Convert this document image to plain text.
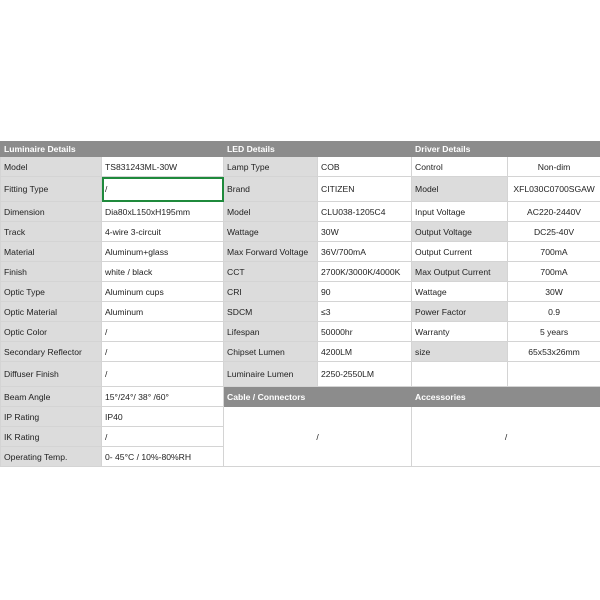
Luminaire Details		LED Details		Driver Details	
Model	TS831243ML-30W	Lamp Type	COB	Control	Non-dim
Fitting Type	/	Brand	CITIZEN	Model	XFL030C0700SGAW
Dimension	Dia80xL150xH195mm	Model	CLU038-1205C4	Input Voltage	AC220-2440V
Track	4-wire 3-circuit	Wattage	30W	Output Voltage	DC25-40V
Material	Aluminum+glass	Max Forward Voltage	36V/700mA	Output Current	700mA
Finish	white / black	CCT	2700K/3000K/4000K	Max Output Current	700mA
Optic Type	Aluminum cups	CRI	90	Wattage	30W
Optic Material	Aluminum	SDCM	≤3	Power Factor	0.9
Optic Color	/	Lifespan	50000hr	Warranty	5 years
Secondary Reflector	/	Chipset Lumen	4200LM	size	65x53x26mm
Diffuser Finish	/	Luminaire Lumen	2250-2550LM		
Beam Angle	15°/24°/ 38° /60°	Cable / Connectors		Accessories	
IP Rating	IP40	/		/	
IK Rating	/				
Operating Temp.	0- 45°C / 10%-80%RH				
